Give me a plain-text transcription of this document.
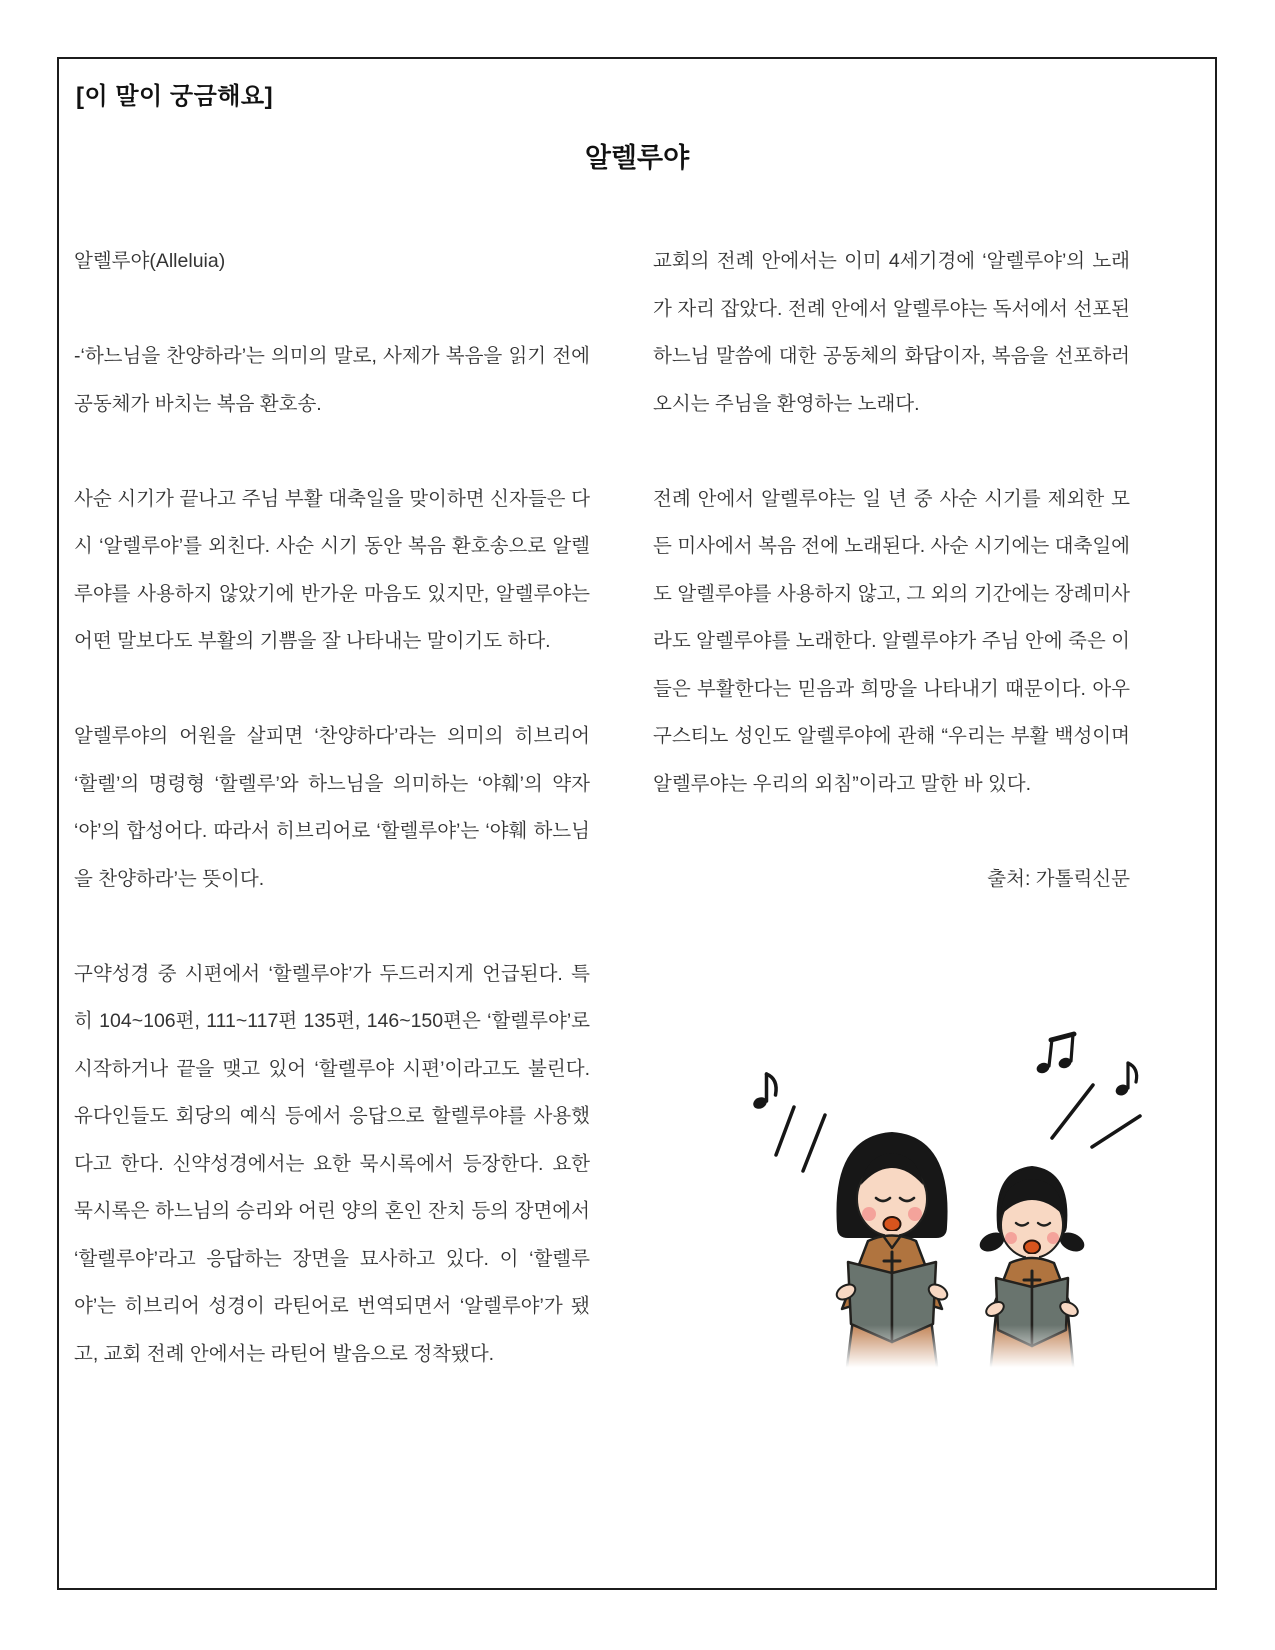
[이 말이 궁금해요]
알렐루야

알렐루야(Alleluia)

-‘하느님을 찬양하라’는 의미의 말로, 사제가 복음을 읽기 전에 공동체가 바치는 복음 환호송.

사순 시기가 끝나고 주님 부활 대축일을 맞이하면 신자들은 다시 ‘알렐루야’를 외친다. 사순 시기 동안 복음 환호송으로 알렐루야를 사용하지 않았기에 반가운 마음도 있지만, 알렐루야는 어떤 말보다도 부활의 기쁨을 잘 나타내는 말이기도 하다.

알렐루야의 어원을 살피면 ‘찬양하다’라는 의미의 히브리어 ‘할렐’의 명령형 ‘할렐루’와 하느님을 의미하는 ‘야훼’의 약자 ‘야’의 합성어다. 따라서 히브리어로 ‘할렐루야’는 ‘야훼 하느님을 찬양하라’는 뜻이다.

구약성경 중 시편에서 ‘할렐루야’가 두드러지게 언급된다. 특히 104~106편, 111~117편 135편, 146~150편은 ‘할렐루야’로 시작하거나 끝을 맺고 있어 ‘할렐루야 시편’이라고도 불린다. 유다인들도 회당의 예식 등에서 응답으로 할렐루야를 사용했다고 한다. 신약성경에서는 요한 묵시록에서 등장한다. 요한 묵시록은 하느님의 승리와 어린 양의 혼인 잔치 등의 장면에서 ‘할렐루야’라고 응답하는 장면을 묘사하고 있다. 이 ‘할렐루야’는 히브리어 성경이 라틴어로 번역되면서 ‘알렐루야’가 됐고, 교회 전례 안에서는 라틴어 발음으로 정착됐다.

교회의 전례 안에서는 이미 4세기경에 ‘알렐루야’의 노래가 자리 잡았다. 전례 안에서 알렐루야는 독서에서 선포된 하느님 말씀에 대한 공동체의 화답이자, 복음을 선포하러 오시는 주님을 환영하는 노래다.

전례 안에서 알렐루야는 일 년 중 사순 시기를 제외한 모든 미사에서 복음 전에 노래된다. 사순 시기에는 대축일에도 알렐루야를 사용하지 않고, 그 외의 기간에는 장례미사라도 알렐루야를 노래한다. 알렐루야가 주님 안에 죽은 이들은 부활한다는 믿음과 희망을 나타내기 때문이다. 아우구스티노 성인도 알렐루야에 관해 “우리는 부활 백성이며 알렐루야는 우리의 외침”이라고 말한 바 있다.

출처: 가톨릭신문
